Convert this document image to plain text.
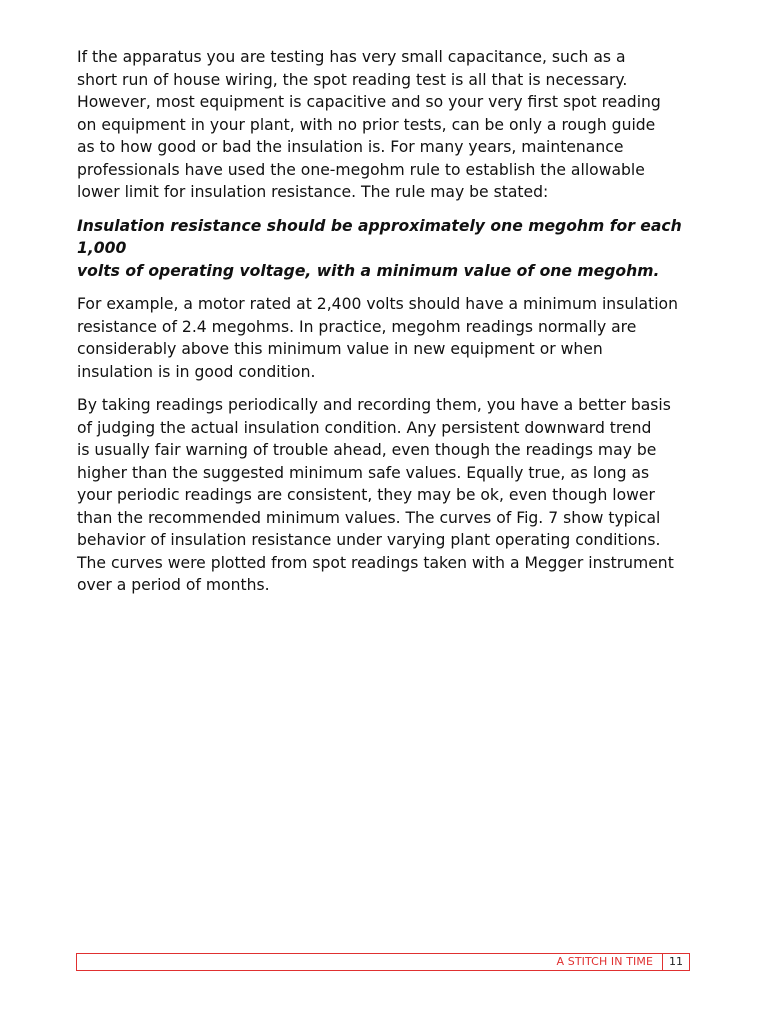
If the apparatus you are testing has very small capacitance, such as a
short run of house wiring, the spot reading test is all that is necessary.
However, most equipment is capacitive and so your very first spot reading
on equipment in your plant, with no prior tests, can be only a rough guide
as to how good or bad the insulation is. For many years, maintenance
professionals have used the one-megohm rule to establish the allowable
lower limit for insulation resistance. The rule may be stated:

Insulation resistance should be approximately one megohm for each 1,000
volts of operating voltage, with a minimum value of one megohm.

For example, a motor rated at 2,400 volts should have a minimum insulation
resistance of 2.4 megohms. In practice, megohm readings normally are
considerably above this minimum value in new equipment or when
insulation is in good condition.

By taking readings periodically and recording them, you have a better basis
of judging the actual insulation condition. Any persistent downward trend
is usually fair warning of trouble ahead, even though the readings may be
higher than the suggested minimum safe values. Equally true, as long as
your periodic readings are consistent, they may be ok, even though lower
than the recommended minimum values. The curves of Fig. 7 show typical
behavior of insulation resistance under varying plant operating conditions.
The curves were plotted from spot readings taken with a Megger instrument
over a period of months.

A STITCH IN TIME	11
